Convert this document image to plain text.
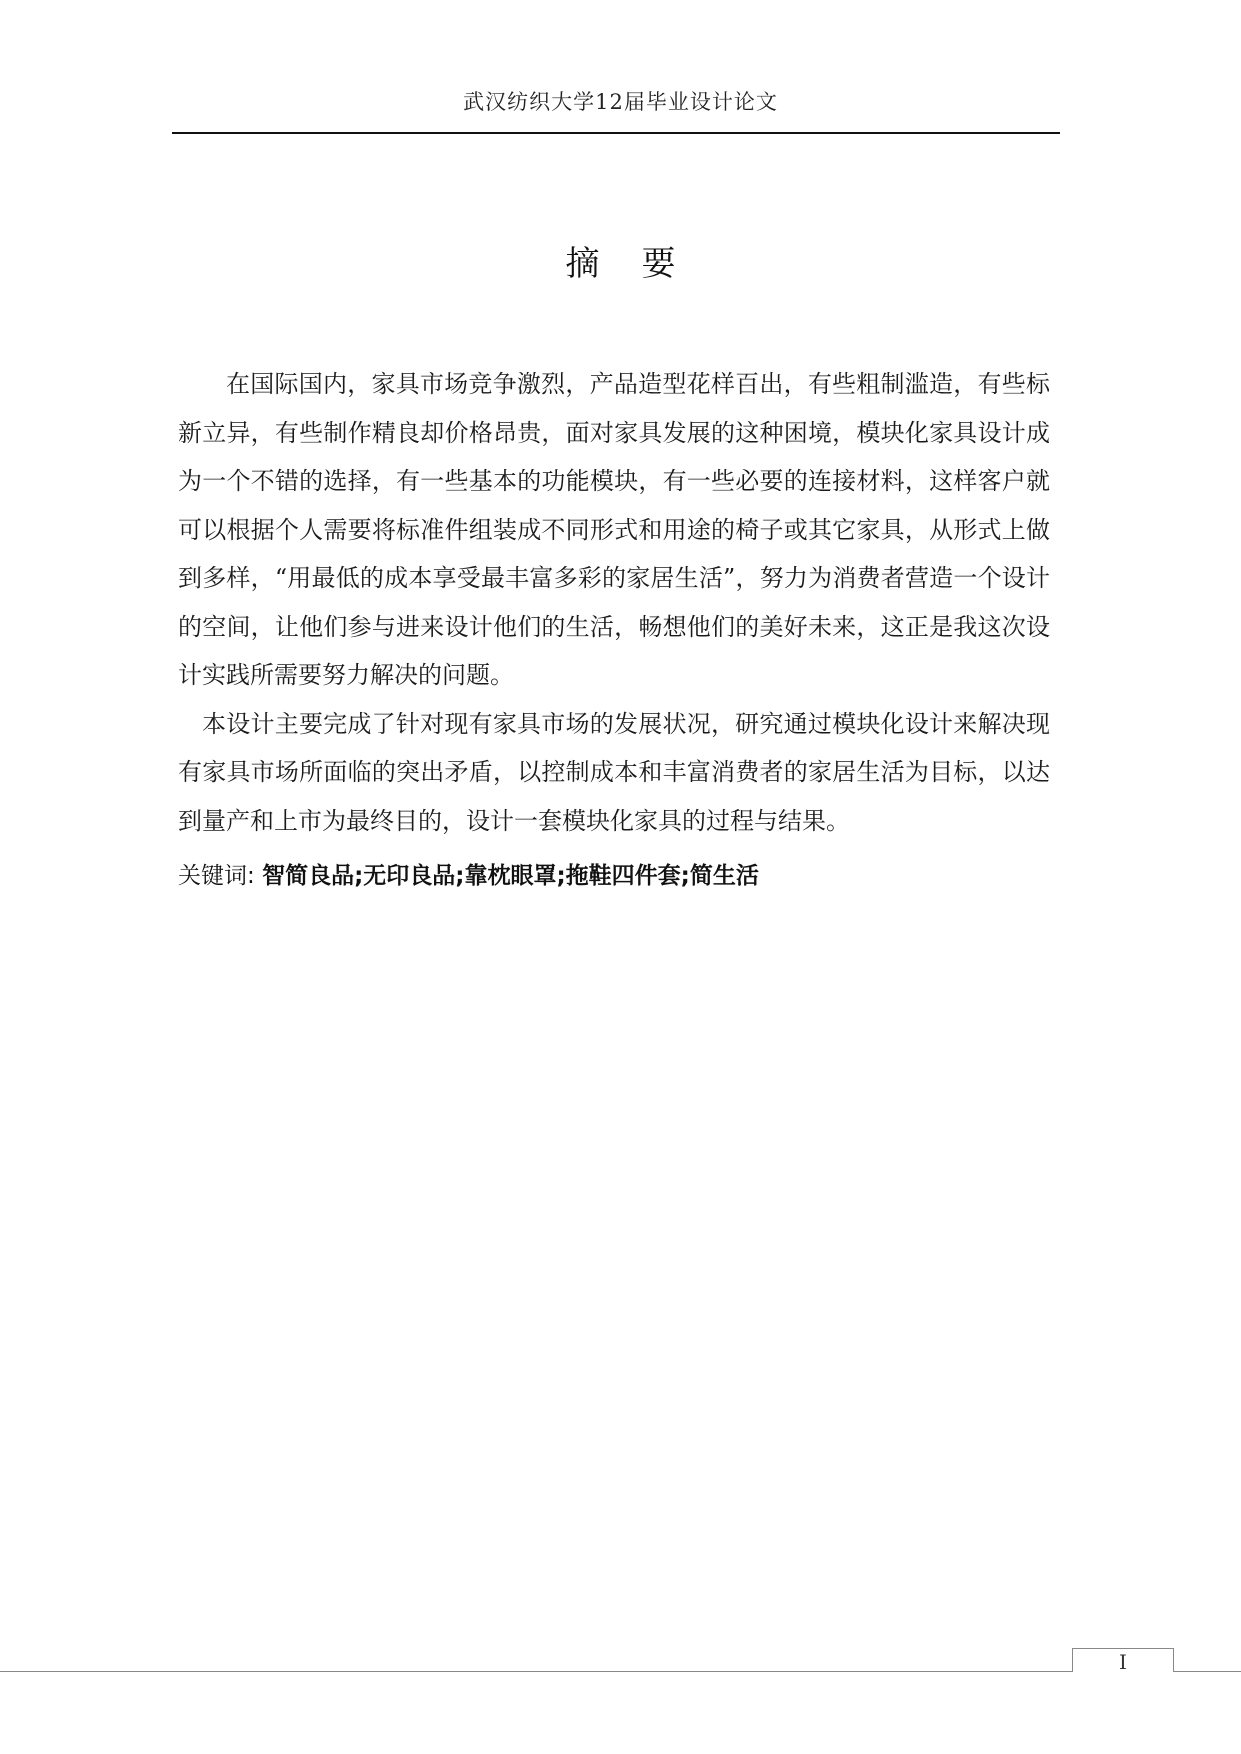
武汉纺织大学12届毕业设计论文
摘要

在国际国内，家具市场竞争激烈，产品造型花样百出，有些粗制滥造，有些标新立异，有些制作精良却价格昂贵，面对家具发展的这种困境，模块化家具设计成为一个不错的选择，有一些基本的功能模块，有一些必要的连接材料，这样客户就可以根据个人需要将标准件组装成不同形式和用途的椅子或其它家具，从形式上做到多样，“用最低的成本享受最丰富多彩的家居生活”，努力为消费者营造一个设计的空间，让他们参与进来设计他们的生活，畅想他们的美好未来，这正是我这次设计实践所需要努力解决的问题。

本设计主要完成了针对现有家具市场的发展状况，研究通过模块化设计来解决现有家具市场所面临的突出矛盾，以控制成本和丰富消费者的家居生活为目标，以达到量产和上市为最终目的，设计一套模块化家具的过程与结果。

关键词: 智简良品;无印良品;靠枕眼罩;拖鞋四件套;简生活
I
